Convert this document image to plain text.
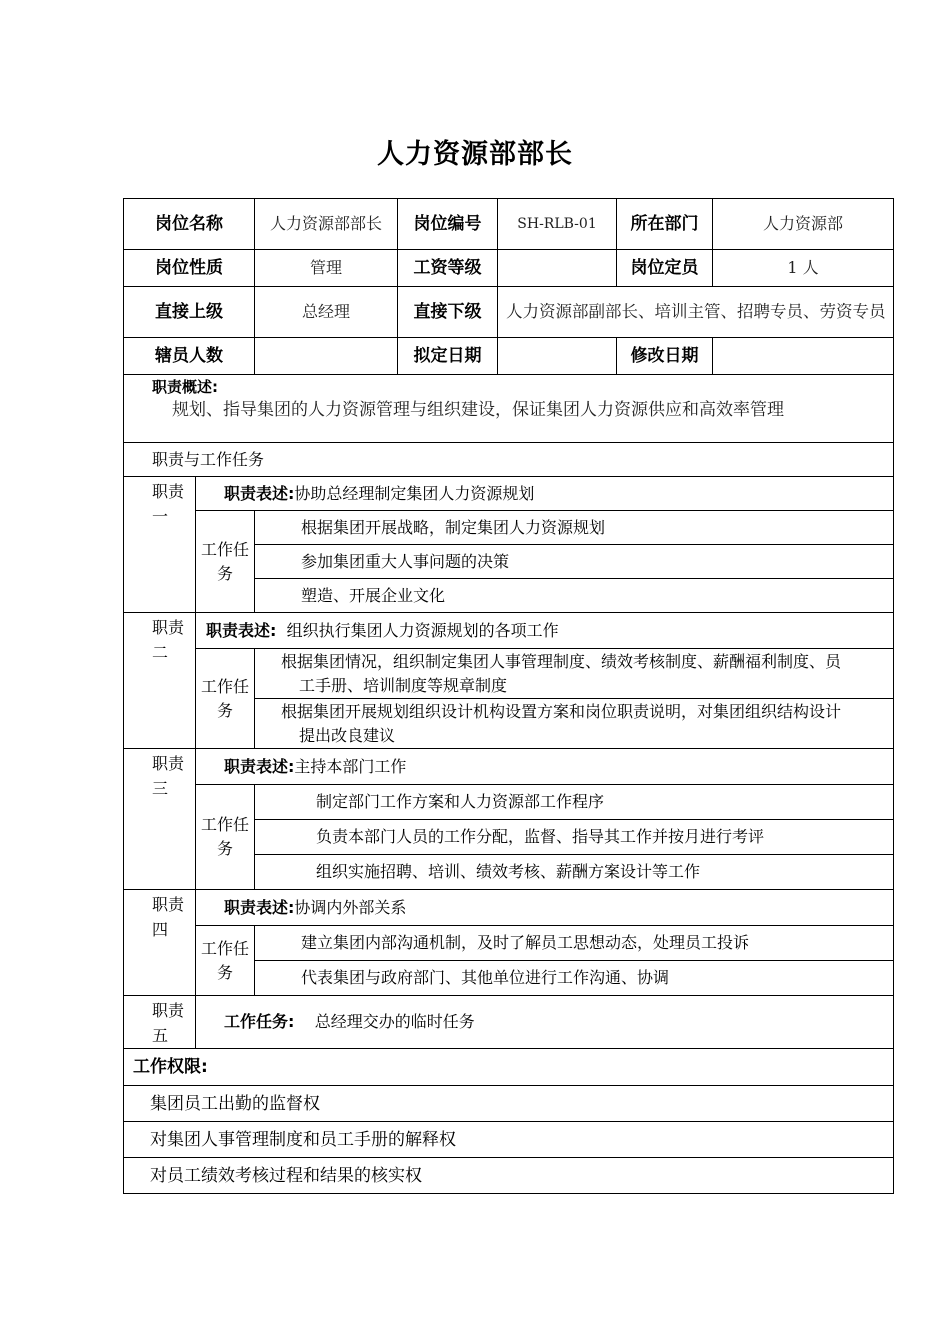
人力资源部部长
岗位名称		人力资源部部长	岗位编号	SH-RLB-01	所在部门	人力资源部
岗位性质		管理	工资等级		岗位定员	1 人
直接上级		总经理	直接下级	人力资源部副部长、培训主管、招聘专员、劳资专员		
辖员人数			拟定日期		修改日期	

职责概述:
规划、指导集团的人力资源管理与组织建设，保证集团人力资源供应和高效率管理						

职责与工作任务						
职责一	职责表述:协助总经理制定集团人力资源规划					
	工作任务	根据集团开展战略，制定集团人力资源规划				
		参加集团重大人事问题的决策				
		塑造、开展企业文化				
职责二	职责表述: 组织执行集团人力资源规划的各项工作					
	工作任务	根据集团情况，组织制定集团人事管理制度、绩效考核制度、薪酬福利制度、员
工手册、培训制度等规章制度				

		根据集团开展规划组织设计机构设置方案和岗位职责说明，对集团组织结构设计
提出改良建议				

职责三	职责表述:主持本部门工作					
	工作任务	制定部门工作方案和人力资源部工作程序				
		负责本部门人员的工作分配，监督、指导其工作并按月进行考评				
		组织实施招聘、培训、绩效考核、薪酬方案设计等工作				
职责四	职责表述:协调内外部关系					
	工作任务	建立集团内部沟通机制，及时了解员工思想动态，处理员工投诉				
		代表集团与政府部门、其他单位进行工作沟通、协调				
职责五	工作任务: 总经理交办的临时任务					
工作权限:						
集团员工出勤的监督权						
对集团人事管理制度和员工手册的解释权						
对员工绩效考核过程和结果的核实权						
